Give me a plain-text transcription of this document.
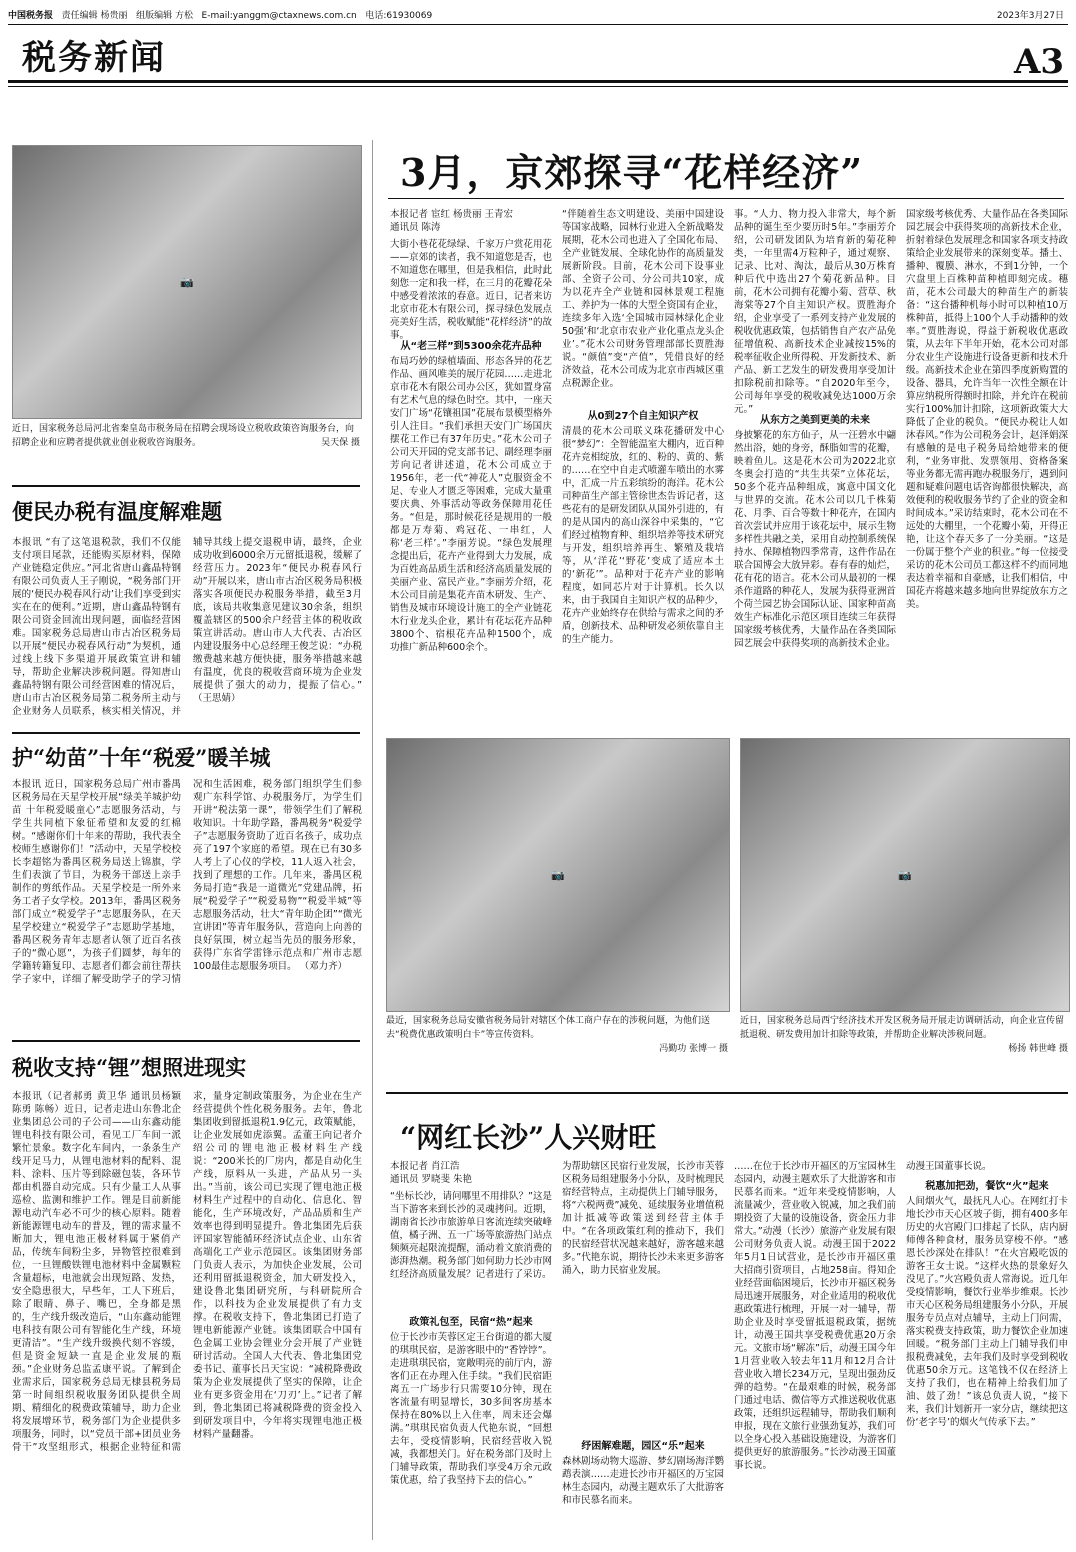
中国税务报 责任编辑 杨贵丽 组版编辑 方松 E-mail:yanggm@ctaxnews.com.cn 电话:61930069	2023年3月27日
税务新闻	A3
📷
近日，国家税务总局河北省秦皇岛市税务局在招聘会现场设立税收政策咨询服务台，向招聘企业和应聘者提供就业创业税收咨询服务。	吴天保 摄
便民办税有温度解难题
本报讯 “有了这笔退税款，我们不仅能支付项目尾款，还能购买原材料，保障产业链稳定供应。”河北省唐山鑫晶特钢有限公司负责人王子刚说，“税务部门开展的‘便民办税春风行动’让我们享受到实实在在的便利。”近期，唐山鑫晶特钢有限公司资金回流出现问题，面临经营困难。国家税务总局唐山市古冶区税务局以开展“便民办税春风行动”为契机，通过线上线下多渠道开展政策宣讲和辅导，帮助企业解决涉税问题。得知唐山鑫晶特钢有限公司经营困难的情况后，唐山市古冶区税务局第二税务所主动与企业财务人员联系，核实相关情况，并辅导其线上提交退税申请，最终，企业成功收到6000余万元留抵退税，缓解了经营压力。2023年“便民办税春风行动”开展以来，唐山市古冶区税务局积极落实各项便民办税服务举措，截至3月底，该局共收集意见建议30余条，组织覆盖辖区的500余户经营主体的税收政策宣讲活动。唐山市人大代表、古冶区内建设服务中心总经理王俊芝说：“办税缴费越来越方便快捷，服务举措越来越有温度，优良的税收营商环境为企业发展提供了强大的动力，提振了信心。” （王思婧）
护“幼苗”十年“税爱”暖羊城
本报讯 近日，国家税务总局广州市番禺区税务局在天星学校开展“绿美羊城护幼苗 十年税爱暖童心”志愿服务活动，与学生共同植下象征希望和友爱的红棉树。“感谢你们十年来的帮助，我代表全校师生感谢你们！”活动中，天星学校校长李超铭为番禺区税务局送上锦旗，学生们表演了节目，为税务干部送上亲手制作的剪纸作品。天星学校是一所外来务工者子女学校。2013年，番禺区税务部门成立“税爱学子”志愿服务队，在天星学校建立“税爱学子”志愿助学基地，番禺区税务青年志愿者认领了近百名孩子的“微心愿”，为孩子们圆梦，每年的学籍转籍复印、志愿者们都会前往帮扶学子家中，详细了解受助学子的学习情况和生活困难，税务部门组织学生们参观广东科学馆、办税服务厅，为学生们开讲“税法第一课”，带领学生们了解税收知识。十年助学路，番禺税务“税爱学子”志愿服务资助了近百名孩子，成功点亮了197个家庭的希望。现在已有30多人考上了心仪的学校，11人返入社会，找到了理想的工作。几年来，番禺区税务局打造“我是一道微光”党建品牌，拓展“税爱学子”“税爱易物”“税爱半城”等志愿服务活动，壮大“青年助企团”“微光宣讲团”等青年服务队，营造向上向善的良好氛围，树立起当先员的服务形象，获得广东省学雷锋示范点和广州市志愿100最佳志愿服务项目。 （邓力齐）
税收支持“锂”想照进现实
本报讯（记者郝勇 黄卫华 通讯员杨颖 陈勇 陈畅）近日，记者走进山东鲁北企业集团总公司的子公司——山东鑫动能锂电科技有限公司，看见工厂车间一派繁忙景象。数字化车间内，一条条生产线开足马力，从锂电池材料的配料、混料、涂料、压片等到除磁包装，各环节都由机器自动完成。只有少量工人从事巡检、监测和维护工作。锂是目前新能源电动汽车必不可少的核心原料。随着新能源锂电动车的普及，锂的需求量不断加大，锂电池正极材料属于紧俏产品，传统车间粉尘多，异物管控很难到位，一旦锂酸铁锂电池材料中金属颗粒含量超标，电池就会出现短路、发热，安全隐患很大，早些年，工人下班后，除了眼睛、鼻子、嘴巴，全身都是黑的，生产线升级改造后，“山东鑫动能锂电科技有限公司有智能化生产线，环境更清洁”。“生产线升级换代刻不容缓，但是资金短缺一直是企业发展的瓶颈。”企业财务总监孟康平说。了解到企业需求后，国家税务总局无棣县税务局第一时间组织税收服务团队提供全周期、精细化的税费政策辅导，助力企业将发展增环节，税务部门为企业提供多项服务，同时，以“党员干部+团员业务骨干”攻坚组形式，根据企业特征和需求，量身定制政策服务，为企业在生产经营提供个性化税务服务。去年，鲁北集团收到留抵退税1.9亿元，政策赋能，让企业发展如虎添翼。孟董王向记者介绍公司的锂电池正极材料生产线说：“200米长的厂房内，都是自动化生产线，原料从一头进，产品从另一头出。”当前，该公司已实现了锂电池正极材料生产过程中的自动化、信息化、智能化，生产环境改好，产品品质和生产效率也得到明显提升。鲁北集团先后获评国家智能循环经济试点企业、山东省高端化工产业示范园区。该集团财务部门负责人表示，为加快企业发展，公司还利用留抵退税资金，加大研发投入，建设鲁北集团研究所，与科研院所合作，以科技为企业发展提供了有力支撑。在税收支持下，鲁北集团已打造了锂电新能源产业链。该集团联合中国有色金属工业协会锂业分会开展了产业链研讨活动。全国人大代表、鲁北集团党委书记、董事长吕天宝说：“减税降费政策为企业发展提供了坚实的保障，让企业有更多资金用在‘刀刃’上。”记者了解到，鲁北集团已将减税降费的资金投入到研发项目中，今年将实现锂电池正极材料产量翻番。
3月，京郊探寻“花样经济”
本报记者 宦红 杨贵丽 王青宏
通讯员 陈涛
大街小巷花花绿绿、千家万户赏花用花——京郊的读者，我不知道您是否，也不知道您在哪里，但是我相信，此时此刻您一定和我一样，在三月的花瓣花朵中感受着浓浓的春意。近日，记者来访北京市花木有限公司，探寻绿色发展点亮美好生活，税收赋能“花样经济”的故事。
从“老三样”到5300余花卉品种
布局巧妙的绿植墙面、形态各异的花艺作品、画风唯美的展厅花园……走进北京市花木有限公司办公区，犹如置身富有艺术气息的绿色时空。其中，一座天安门广场“花镶祖国”花展布景模型格外引人注目。“我们承担天安门广场国庆摆花工作已有37年历史。”花木公司子公司天开园的党支部书记、副经理李丽芳向记者讲述道，花木公司成立于1956年，老一代“神花人”克服资金不足、专业人才匮乏等困难，完成大量重要庆典、外事活动等政务保障用花任务。“但是，那时候花径是规用的一般都是万寿菊、鸡冠花、一串红，人称‘老三样’。”李丽芳说。“绿色发展理念提出后，花卉产业得到大力发展，成为百姓高品质生活和经济高质量发展的美丽产业、富民产业。”李丽芳介绍，花木公司目前是集花卉苗木研发、生产、销售及城市环境设计施工的全产业链花木行业龙头企业，累计有花坛花卉品种3800个、宿根花卉品种1500个，成功推广新品种600余个。
“伴随着生态文明建设、美丽中国建设等国家战略，园林行业进入全新战略发展期，花木公司也进入了全国化布局、全产业链发展、全球化协作的高质量发展新阶段。目前，花木公司下设事业部、全资子公司、分公司共10家，成为以花卉全产业链和园林景观工程施工、养护为一体的大型全资国有企业，连续多年入选‘全国城市园林绿化企业50强’和‘北京市农业产业化重点龙头企业’。”花木公司财务管理部部长贾胜海说。“颜值”变“产值”，凭借良好的经济效益，花木公司成为北京市西城区重点税源企业。
从0到27个自主知识产权
清晨的花木公司联义珠花播研发中心很“梦幻”：全智能温室大棚内，近百种花卉竞相绽放，红的、粉的、黄的、紫的……在空中自走式喷灌车喷出的水雾中，汇成一片五彩缤纷的海洋。花木公司种苗生产部主管徐世杰告诉记者，这些花有的是研发团队从国外引进的，有的是从国内的高山深谷中采集的，“它们经过植物育种、组织培养等技术研究与开发，组织培养再生、繁殖及栽培等，从‘洋花’‘野花’变成了适应本土的‘新花’”。品种对于花卉产业的影响程度，如同芯片对于计算机。长久以来，由于我国自主知识产权的品种少，花卉产业始终存在供给与需求之间的矛盾，创新技术、品种研发必须依靠自主的生产能力。
事。“人力、物力投入非常大，每个新品种的诞生至少要历时5年。”李丽芳介绍，公司研发团队为培育新的菊花种类，一年里需4万粒种子，通过观察、记录、比对、淘汰，最后从30万株育种后代中选出27个菊花新品种。目前，花木公司拥有花瓣小菊、营草、秋海棠等27个自主知识产权。贾胜海介绍，企业享受了一系列支持产业发展的税收优惠政策，包括销售自产农产品免征增值税、高新技术企业减按15%的税率征收企业所得税、开发新技术、新产品、新工艺发生的研发费用享受加计扣除税前扣除等。“自2020年至今，公司每年享受的税收减免达1000万余元。”
从东方之美到更美的未来
身披繁花的东方仙子，从一汪碧水中翩然出浴，她的身旁，酥脂如雪的花瓣，映着鱼儿。这是花木公司为2022北京冬奥会打造的“共生共荣”立体花坛，50多个花卉品种组成，寓意中国文化与世界的交流。花木公司以几千株菊花、月季、百合等数十种花卉，在国内首次尝试并应用于该花坛中，展示生物多样性共融之美，采用自动控制系统保持水、保障植物四季常青，这件作品在联合国博会大放异彩。春有春的灿烂，花有花的语言。花木公司从最初的一棵杀作道路的种花人，发展为获得亚洲首个荷兰园艺协会国际认证、国家种苗高效生产标准化示范区项目连续三年获得国家级考核优秀，大量作品在各类国际园艺展会中获得奖项的高新技术企业。
国家级考核优秀、大量作品在各类国际园艺展会中获得奖项的高新技术企业，折射着绿色发展理念和国家各项支持政策给企业发展带来的深刻变革。播土、播种、覆膜、淋水，不到1分钟，一个穴盘里上百株种苗种植即刻完成。穗苗，花木公司最大的种苗生产的新装备：“这台播种机每小时可以种植10万株种苗，抵得上100个人手动播种的效率。”贾胜海说，得益于新税收优惠政策，从去年下半年开始，花木公司对部分农业生产设施进行设备更新和技术升级。高新技术企业在第四季度新购置的设备、器具，允许当年一次性全额在计算应纳税所得额时扣除，并允许在税前实行100%加计扣除，这项新政策大大降低了企业的税负。“便民办税让人如沐春风。”作为公司税务会计，赵泽娟深有感触的是电子税务局给她带来的便利，“业务审批、发票领用、资格备案等业务都无需再跑办税服务厅，遇到问题和疑难问题电话咨询都很快解决，高效便利的税收服务节约了企业的资金和时间成本。”采访结束时，花木公司在不远处的大棚里，一个花瓣小菊，开得正艳，让这个春天多了一分美丽。“这是一份属于整个产业的积业。”每一位接受采访的花木公司员工都这样不约而同地表达着幸福和自豪感，让我们相信，中国花卉将越来越多地向世界绽放东方之美。
📷
最近，国家税务总局安徽省税务局针对辖区个体工商户存在的涉税问题，为他们送去“税费优惠政策明白卡”等宣传资料。
冯勤功 张博一 摄
📷
近日，国家税务总局西宁经济技术开发区税务局开展走访调研活动，向企业宣传留抵退税、研发费用加计扣除等政策，并帮助企业解决涉税问题。
杨扬 韩世峰 摄
“网红长沙”人兴财旺
本报记者 肖江浩
通讯员 罗晓斐 朱艳
“坐标长沙，请问哪里不用排队？”这是当下游客来到长沙的灵魂拷问。近期，湖南省长沙市旅游单日客流连续突破峰值，橘子洲、五一广场等旅游热门站点频频亮起限流提醒，涌动着文旅消费的澎湃热潮。税务部门如何助力长沙市网红经济高质量发展？记者进行了采访。
政策礼包至，民宿“热”起来
位于长沙市芙蓉区定王台街道的都大厦的琪琪民宿，是游客眼中的“香饽饽”。走进琪琪民宿，宽敞明亮的前厅内，游客们正在办理入住手续。“我们民宿距离五一广场步行只需要10分钟，现在客流量有明显增长，30多间客房基本保持在80%以上入住率，周末还会爆满。”琪琪民宿负责人代艳东说，“回想去年，受疫情影响，民宿经营收入锐减，我都想关门。好在税务部门及时上门辅导政策，帮助我们享受4万余元政策优惠，给了我坚持下去的信心。”
为帮助辖区民宿行业发展，长沙市芙蓉区税务局组建服务小分队，及时梳理民宿经营特点，主动提供上门辅导服务，将“六税两费”减免、延续服务业增值税加计抵减等政策送到经营主体手中。“在各项政策红利的推动下，我们的民宿经营状况越来越好，游客越来越多。”代艳东说，期待长沙未来更多游客涌入，助力民宿业发展。
纾困解难题，园区“乐”起来
森林剧场动物大巡游、梦幻剧场海洋鹦鹉表演……走进长沙市开福区的万宝园林生态园内，动漫主题欢乐了大批游客和市民慕名而来。
……在位于长沙市开福区的万宝园林生态园内，动漫主题欢乐了大批游客和市民慕名而来。“近年来受疫情影响，人流量减少，营业收入锐减，加之我们前期投资了大量的设施设备，资金压力非常大。”动漫（长沙）旅游产业发展有限公司财务负责人说。动漫王国于2022年5月1日试营业，是长沙市开福区重大招商引资项目，占地258亩。得知企业经营面临困境后，长沙市开福区税务局迅速开展服务，对企业适用的税收优惠政策进行梳理，开展一对一辅导，帮助企业及时享受留抵退税政策，据统计，动漫王国共享受税费优惠20万余元。文旅市场“解冻”后，动漫王国今年1月营业收入较去年11月和12月合计营业收入增长234万元，呈现出强劲反弹的趋势。“在最艰难的时候，税务部门通过电话、微信等方式推送税收优惠政策，还组织远程辅导，帮助我们顺利申报，现在文旅行业强劲复苏，我们可以全身心投入基础设施建设，为游客们提供更好的旅游服务。”长沙动漫王国董事长说。
动漫王国董事长说。
税惠加把劲，餐饮“火”起来
人间烟火气，最抚凡人心。在网红打卡地长沙市天心区坡子街，拥有400多年历史的火宫殿门口排起了长队，店内厨师傅各种食材，服务员穿梭不停。“感恩长沙深处在排队！”在火宫殿吃饭的游客王女士说。“这样火热的景象好久没见了。”火宫殿负责人常海说。近几年受疫情影响，餐饮行业举步维艰。长沙市天心区税务局组建服务小分队，开展服务专员点对点辅导，主动上门问需，落实税费支持政策，助力餐饮企业加速回暖。“税务部门主动上门辅导我们申报税费减免，去年我们及时享受到税收优惠50余万元。这笔钱不仅在经济上支持了我们，也在精神上给我们加了油、鼓了劲！”该总负责人说，“接下来，我们计划新开一家分店，继续把这份‘老字号’的烟火气传承下去。”
